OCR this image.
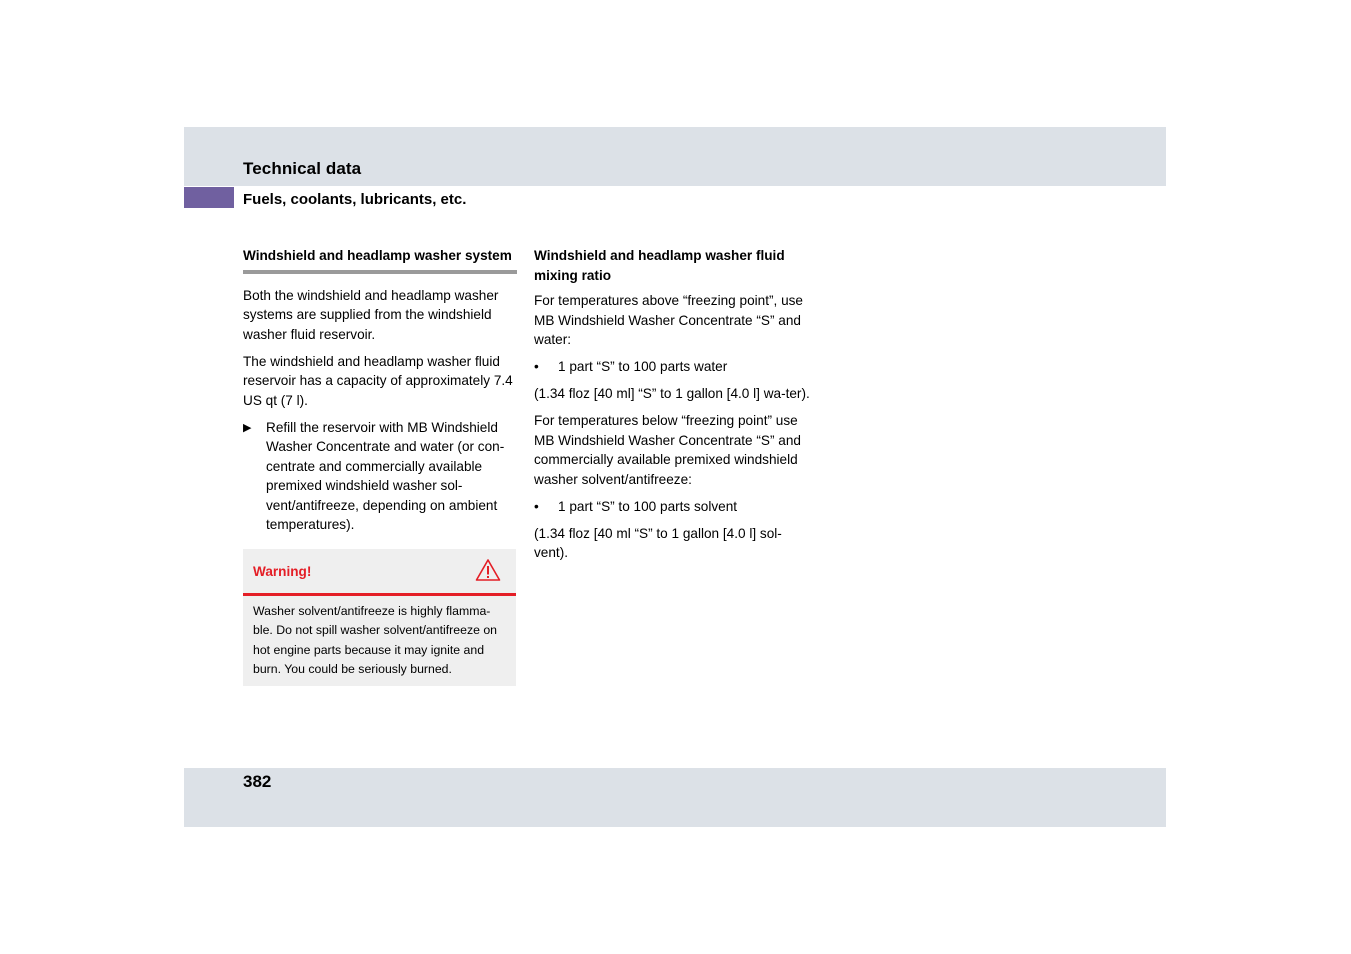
Technical data
Fuels, coolants, lubricants, etc.
Windshield and headlamp washer system

Both the windshield and headlamp washer systems are supplied from the windshield washer fluid reservoir.

The windshield and headlamp washer fluid reservoir has a capacity of approximately 7.4 US qt (7 l).

▶	Refill the reservoir with MB Windshield Washer Concentrate and water (or con-centrate and commercially available premixed windshield washer sol-vent/antifreeze, depending on ambient temperatures).
Warning!
Washer solvent/antifreeze is highly flamma-ble. Do not spill washer solvent/antifreeze on hot engine parts because it may ignite and burn. You could be seriously burned.
Windshield and headlamp washer fluid mixing ratio

For temperatures above “freezing point”, use MB Windshield Washer Concentrate “S” and water:

•	1 part “S” to 100 parts water

(1.34 floz [40 ml] “S” to 1 gallon [4.0 l] wa-ter).

For temperatures below “freezing point” use MB Windshield Washer Concentrate “S” and commercially available premixed windshield washer solvent/antifreeze:

•	1 part “S” to 100 parts solvent

(1.34 floz [40 ml “S” to 1 gallon [4.0 l] sol-vent).

382
